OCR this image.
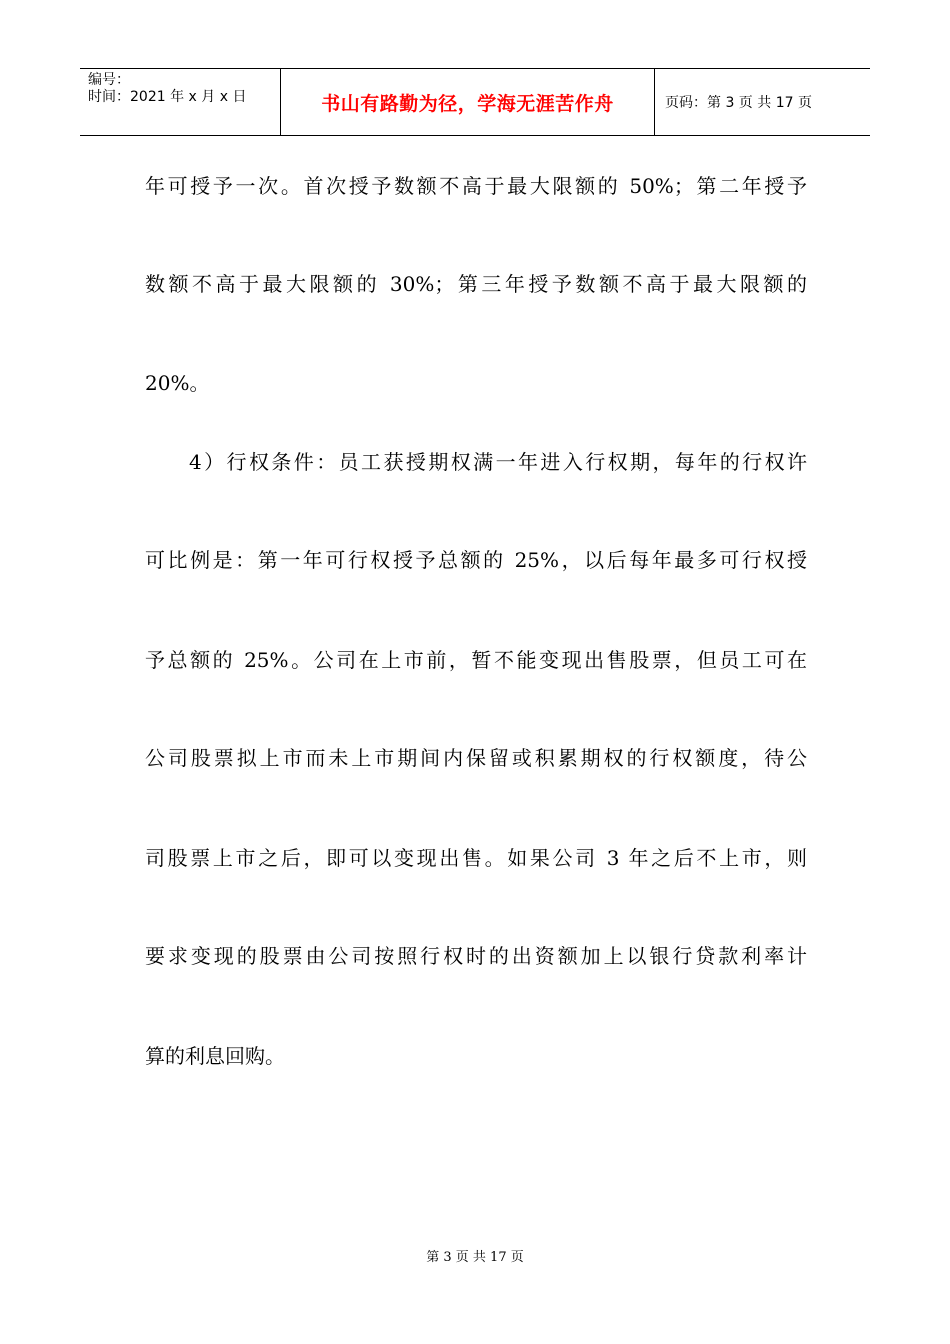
编号：
时间：2021 年 x 月 x 日	书山有路勤为径，学海无涯苦作舟	页码：第 3 页 共 17 页
年可授予一次。首次授予数额不高于最大限额的 50%；第二年授予
数额不高于最大限额的 30%；第三年授予数额不高于最大限额的
20%。
4）行权条件：员工获授期权满一年进入行权期，每年的行权许
可比例是：第一年可行权授予总额的 25%，以后每年最多可行权授
予总额的 25%。公司在上市前，暂不能变现出售股票，但员工可在
公司股票拟上市而未上市期间内保留或积累期权的行权额度，待公
司股票上市之后，即可以变现出售。如果公司 3 年之后不上市，则
要求变现的股票由公司按照行权时的出资额加上以银行贷款利率计
算的利息回购。
第 3 页 共 17 页
